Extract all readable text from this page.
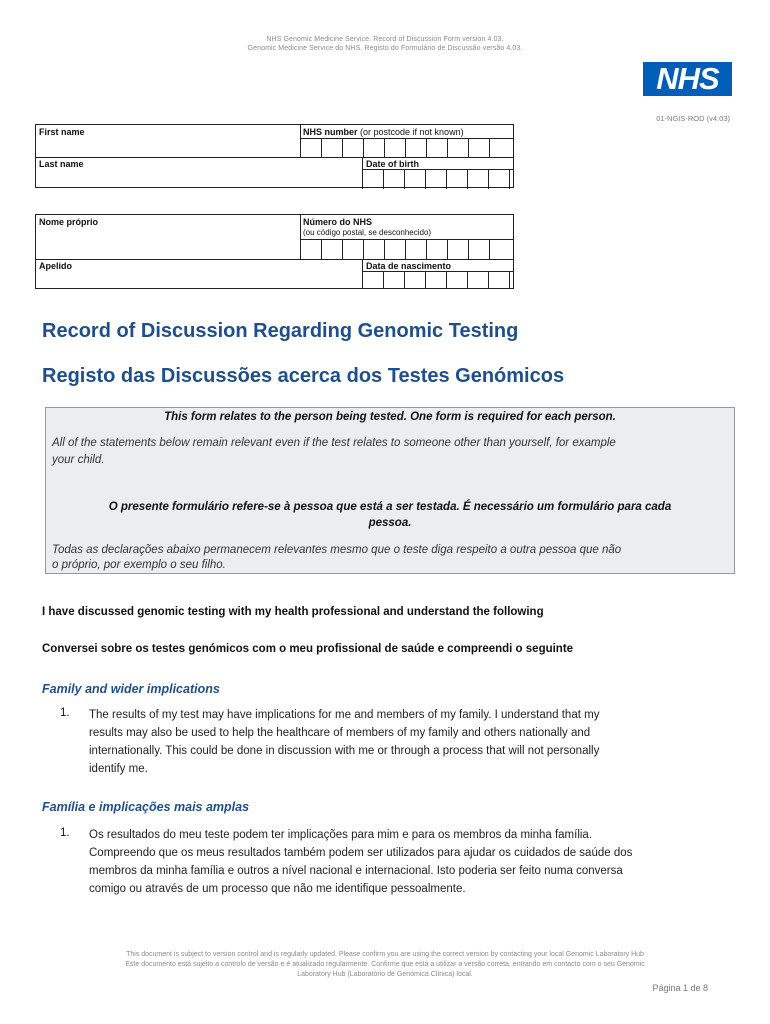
NHS Genomic Medicine Service. Record of Discussion Form version 4.03.
Genomic Medicine Service do NHS. Registo do Formulário de Discussão versão 4.03.
NHS
01-NGIS-ROD (v4.03)
First name	NHS number (or postcode if not known)
Last name	Date of birth
Nome próprio	Número do NHS
(ou código postal, se desconhecido)
Apelido	Data de nascimento
Record of Discussion Regarding Genomic Testing
Registo das Discussões acerca dos Testes Genómicos
This form relates to the person being tested. One form is required for each person.
All of the statements below remain relevant even if the test relates to someone other than yourself, for example
your child.
O presente formulário refere-se à pessoa que está a ser testada. É necessário um formulário para cada
pessoa.
Todas as declarações abaixo permanecem relevantes mesmo que o teste diga respeito a outra pessoa que não
o próprio, por exemplo o seu filho.
I have discussed genomic testing with my health professional and understand the following
Conversei sobre os testes genómicos com o meu profissional de saúde e compreendi o seguinte
Family and wider implications
1. The results of my test may have implications for me and members of my family. I understand that my
results may also be used to help the healthcare of members of my family and others nationally and
internationally. This could be done in discussion with me or through a process that will not personally
identify me.
Família e implicações mais amplas
1. Os resultados do meu teste podem ter implicações para mim e para os membros da minha família.
Compreendo que os meus resultados também podem ser utilizados para ajudar os cuidados de saúde dos
membros da minha família e outros a nível nacional e internacional. Isto poderia ser feito numa conversa
comigo ou através de um processo que não me identifique pessoalmente.
This document is subject to version control and is regularly updated. Please confirm you are using the correct version by contacting your local Genomic Laboratory Hub
Este documento está sujeito a controlo de versão e é atualizado regularmente. Confirme que está a utilizar a versão correta, entrando em contacto com o seu Genomic
Laboratory Hub (Laboratório de Genómica Clínica) local.
Página 1 de 8
